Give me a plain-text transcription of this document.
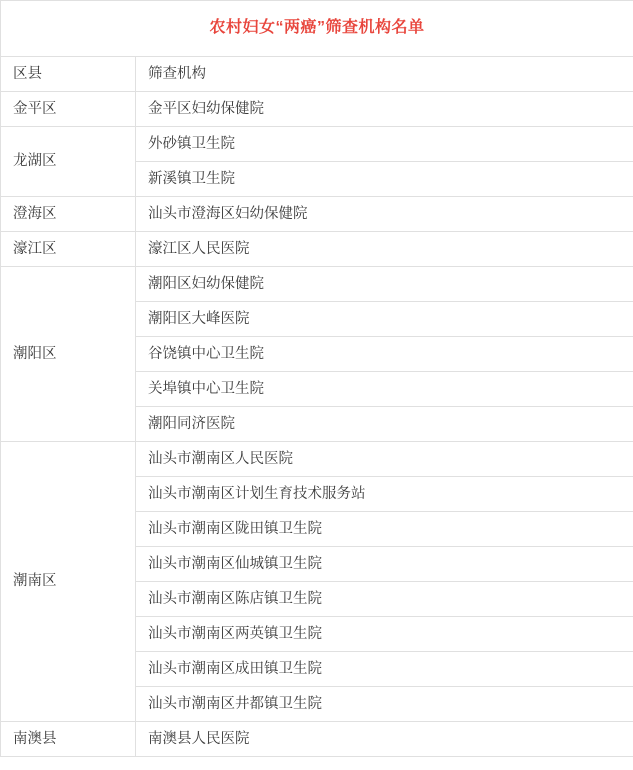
农村妇女“两癌”筛查机构名单	
区县	筛查机构
金平区	金平区妇幼保健院
龙湖区	外砂镇卫生院
	新溪镇卫生院
澄海区	汕头市澄海区妇幼保健院
濠江区	濠江区人民医院
潮阳区	潮阳区妇幼保健院
	潮阳区大峰医院
	谷饶镇中心卫生院
	关埠镇中心卫生院
	潮阳同济医院
潮南区	汕头市潮南区人民医院
	汕头市潮南区计划生育技术服务站
	汕头市潮南区陇田镇卫生院
	汕头市潮南区仙城镇卫生院
	汕头市潮南区陈店镇卫生院
	汕头市潮南区两英镇卫生院
	汕头市潮南区成田镇卫生院
	汕头市潮南区井都镇卫生院
南澳县	南澳县人民医院
